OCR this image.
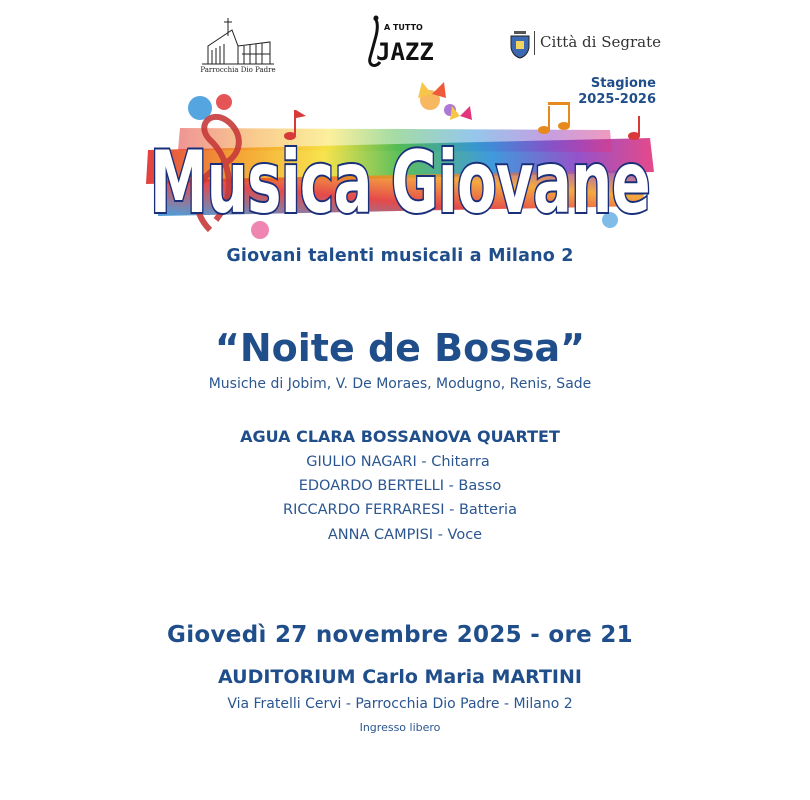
Parrocchia Dio Padre
A TUTTO
JAZZ	Città di Segrate
Stagione
2025-2026
Musica Giovane
Giovani talenti musicali a Milano 2
“Noite de Bossa”
Musiche di Jobim, V. De Moraes, Modugno, Renis, Sade
AGUA CLARA BOSSANOVA QUARTET
GIULIO NAGARI - Chitarra
EDOARDO BERTELLI - Basso
RICCARDO FERRARESI - Batteria
ANNA CAMPISI - Voce
Giovedì 27 novembre 2025 - ore 21
AUDITORIUM Carlo Maria MARTINI
Via Fratelli Cervi - Parrocchia Dio Padre - Milano 2
Ingresso libero
